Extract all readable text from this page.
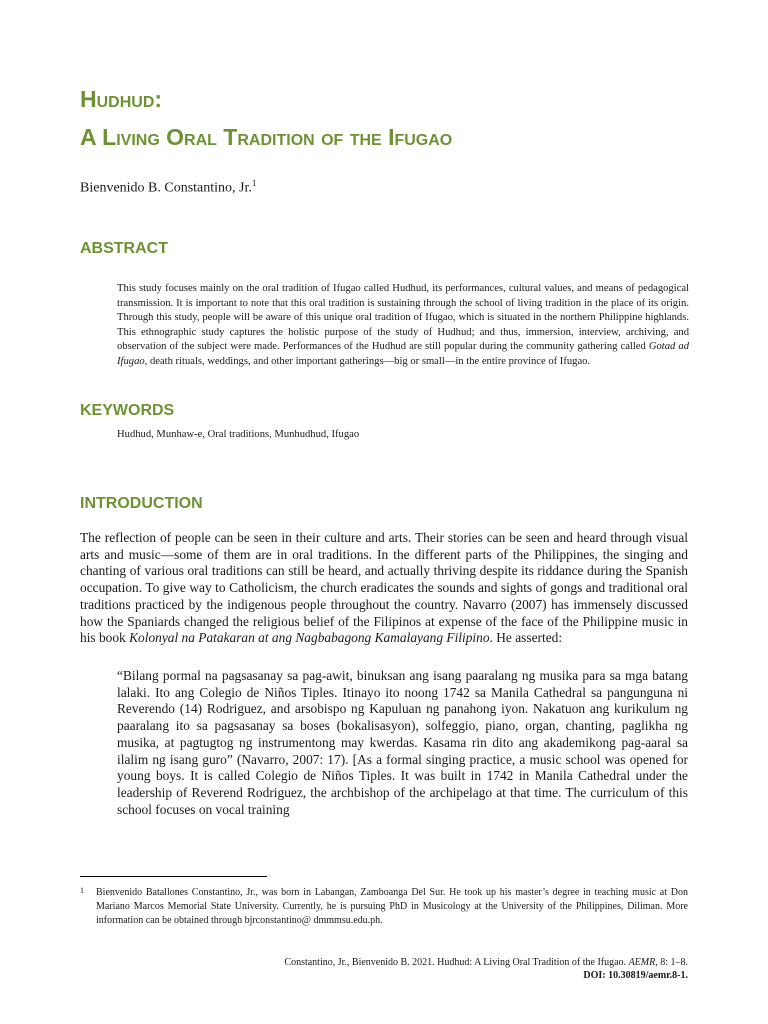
Hudhud:
A Living Oral Tradition of the Ifugao
Bienvenido B. Constantino, Jr.$^1$
ABSTRACT

This study focuses mainly on the oral tradition of Ifugao called Hudhud, its performances, cultural values, and means of pedagogical transmission. It is important to note that this oral tradition is sustaining through the school of living tradition in the place of its origin. Through this study, people will be aware of this unique oral tradition of Ifugao, which is situated in the northern Philippine highlands. This ethnographic study captures the holistic purpose of the study of Hudhud; and thus, immersion, interview, archiving, and observation of the subject were made. Performances of the Hudhud are still popular during the community gathering called Gotad ad Ifugao, death rituals, weddings, and other important gatherings—big or small—in the entire province of Ifugao.

KEYWORDS

Hudhud, Munhaw-e, Oral traditions, Munhudhud, Ifugao

INTRODUCTION

The reflection of people can be seen in their culture and arts. Their stories can be seen and heard through visual arts and music—some of them are in oral traditions. In the different parts of the Philippines, the singing and chanting of various oral traditions can still be heard, and actually thriving despite its riddance during the Spanish occupation. To give way to Catholicism, the church eradicates the sounds and sights of gongs and traditional oral traditions practiced by the indigenous people throughout the country. Navarro (2007) has immensely discussed how the Spaniards changed the religious belief of the Filipinos at expense of the face of the Philippine music in his book Kolonyal na Patakaran at ang Nagbabagong Kamalayang Filipino. He asserted:

“Bilang pormal na pagsasanay sa pag-awit, binuksan ang isang paaralang ng musika para sa mga batang lalaki. Ito ang Colegio de Niños Tiples. Itinayo ito noong 1742 sa Manila Cathedral sa pangunguna ni Reverendo (14) Rodriguez, and arsobispo ng Kapuluan ng panahong iyon. Nakatuon ang kurikulum ng paaralang ito sa pagsasanay sa boses (bokalisasyon), solfeggio, piano, organ, chanting, paglikha ng musika, at pagtugtog ng instrumentong may kwerdas. Kasama rin dito ang akademikong pag-aaral sa ilalim ng isang guro” (Navarro, 2007: 17). [As a formal singing practice, a music school was opened for young boys. It is called Colegio de Niños Tiples. It was built in 1742 in Manila Cathedral under the leadership of Reverend Rodriguez, the archbishop of the archipelago at that time. The curriculum of this school focuses on vocal training

1 Bienvenido Batallones Constantino, Jr., was born in Labangan, Zamboanga Del Sur. He took up his master’s degree in teaching music at Don Mariano Marcos Memorial State University. Currently, he is pursuing PhD in Musicology at the University of the Philippines, Diliman. More information can be obtained through bjrconstantino@ dmmmsu.edu.ph.
Constantino, Jr., Bienvenido B. 2021. Hudhud: A Living Oral Tradition of the Ifugao. AEMR, 8: 1–8.
DOI: 10.30819/aemr.8-1.
